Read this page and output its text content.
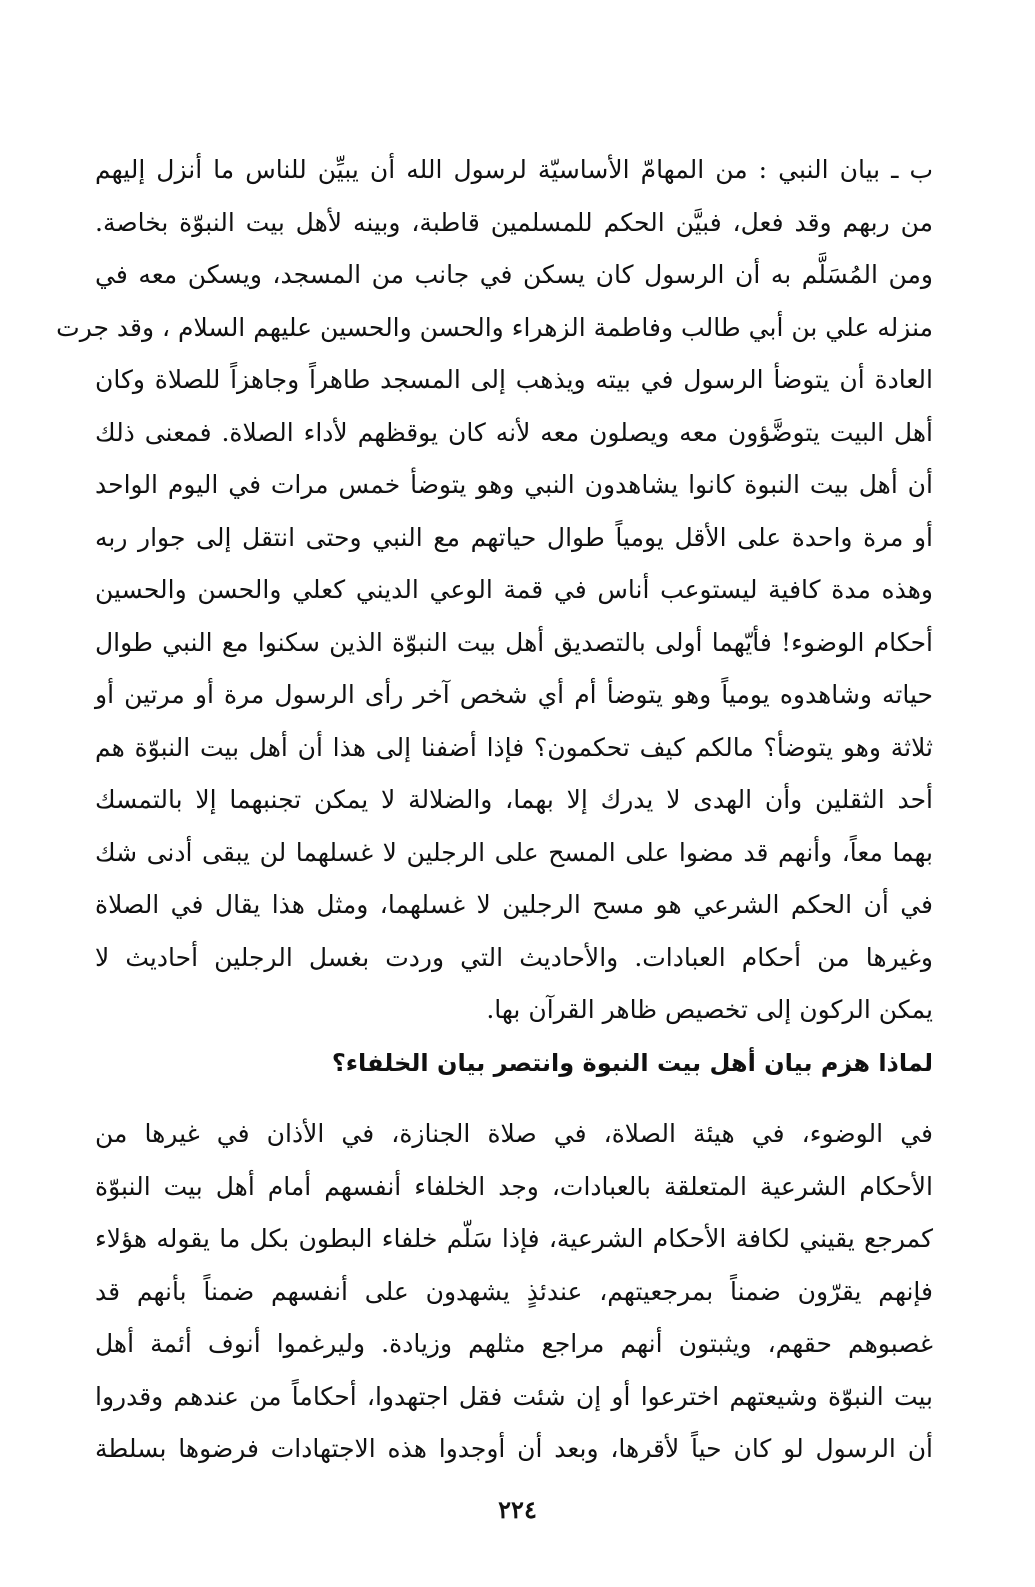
ب ـ بيان النبي : من المهامّ الأساسيّة لرسول الله أن يبيِّن للناس ما أنزل إليهم
من ربهم وقد فعل، فبيَّن الحكم للمسلمين قاطبة، وبينه لأهل بيت النبوّة بخاصة.
ومن المُسَلَّم به أن الرسول كان يسكن في جانب من المسجد، ويسكن معه في
منزله علي بن أبي طالب وفاطمة الزهراء والحسن والحسين عليهم السلام ، وقد جرت
العادة أن يتوضأ الرسول في بيته ويذهب إلى المسجد طاهراً وجاهزاً للصلاة وكان
أهل البيت يتوضَّؤون معه ويصلون معه لأنه كان يوقظهم لأداء الصلاة. فمعنى ذلك
أن أهل بيت النبوة كانوا يشاهدون النبي وهو يتوضأ خمس مرات في اليوم الواحد
أو مرة واحدة على الأقل يومياً طوال حياتهم مع النبي وحتى انتقل إلى جوار ربه
وهذه مدة كافية ليستوعب أناس في قمة الوعي الديني كعلي والحسن والحسين
أحكام الوضوء! فأيّهما أولى بالتصديق أهل بيت النبوّة الذين سكنوا مع النبي طوال
حياته وشاهدوه يومياً وهو يتوضأ أم أي شخص آخر رأى الرسول مرة أو مرتين أو
ثلاثة وهو يتوضأ؟ مالكم كيف تحكمون؟ فإذا أضفنا إلى هذا أن أهل بيت النبوّة هم
أحد الثقلين وأن الهدى لا يدرك إلا بهما، والضلالة لا يمكن تجنبهما إلا بالتمسك
بهما معاً، وأنهم قد مضوا على المسح على الرجلين لا غسلهما لن يبقى أدنى شك
في أن الحكم الشرعي هو مسح الرجلين لا غسلهما، ومثل هذا يقال في الصلاة
وغيرها من أحكام العبادات. والأحاديث التي وردت بغسل الرجلين أحاديث لا
يمكن الركون إلى تخصيص ظاهر القرآن بها.
لماذا هزم بيان أهل بيت النبوة وانتصر بيان الخلفاء؟
في الوضوء، في هيئة الصلاة، في صلاة الجنازة، في الأذان في غيرها من
الأحكام الشرعية المتعلقة بالعبادات، وجد الخلفاء أنفسهم أمام أهل بيت النبوّة
كمرجع يقيني لكافة الأحكام الشرعية، فإذا سَلّم خلفاء البطون بكل ما يقوله هؤلاء
فإنهم يقرّون ضمناً بمرجعيتهم، عندئذٍ يشهدون على أنفسهم ضمناً بأنهم قد
غصبوهم حقهم، ويثبتون أنهم مراجع مثلهم وزيادة. وليرغموا أنوف أئمة أهل
بيت النبوّة وشيعتهم اخترعوا أو إن شئت فقل اجتهدوا، أحكاماً من عندهم وقدروا
أن الرسول لو كان حياً لأقرها، وبعد أن أوجدوا هذه الاجتهادات فرضوها بسلطة
٢٢٤
